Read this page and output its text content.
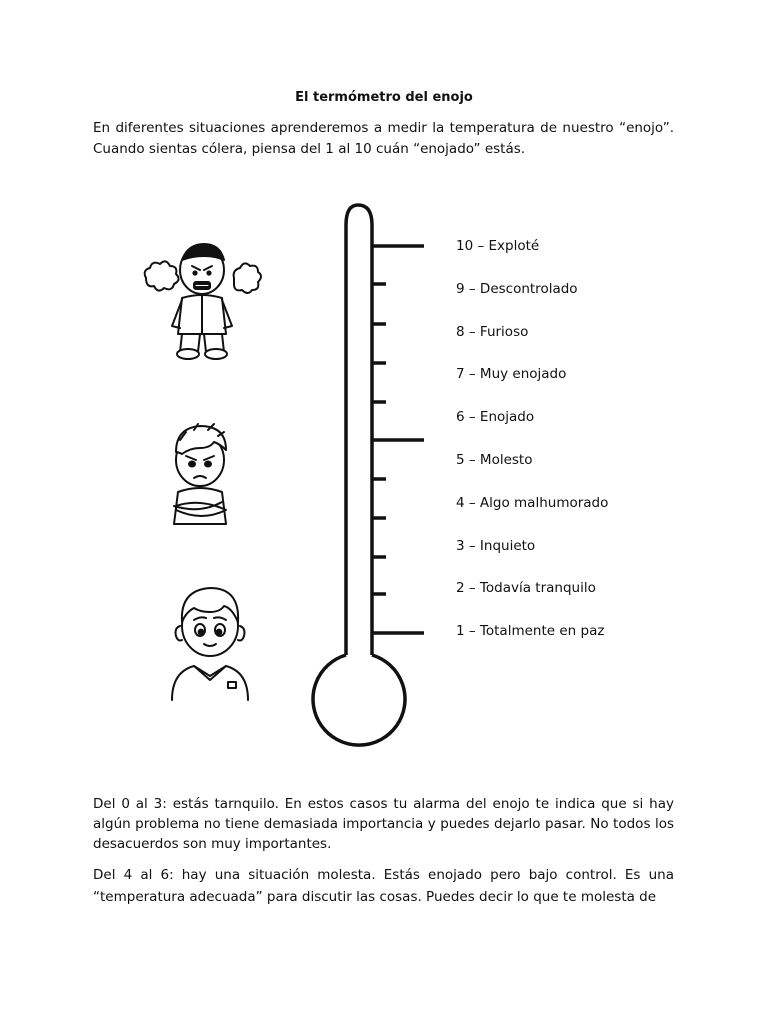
El termómetro del enojo

En diferentes situaciones aprenderemos a medir la temperatura de nuestro “enojo”. Cuando sientas cólera, piensa del 1 al 10 cuán “enojado” estás.

10 – Exploté
9 – Descontrolado
8 – Furioso
7 – Muy enojado
6 – Enojado
5 – Molesto
4 – Algo malhumorado
3 – Inquieto
2 – Todavía tranquilo
1 – Totalmente en paz

Del 0 al 3: estás tarnquilo. En estos casos tu alarma del enojo te indica que si hay algún problema no tiene demasiada importancia y puedes dejarlo pasar. No todos los desacuerdos son muy importantes.

Del 4 al 6: hay una situación molesta. Estás enojado pero bajo control. Es una “temperatura adecuada” para discutir las cosas. Puedes decir lo que te molesta de
